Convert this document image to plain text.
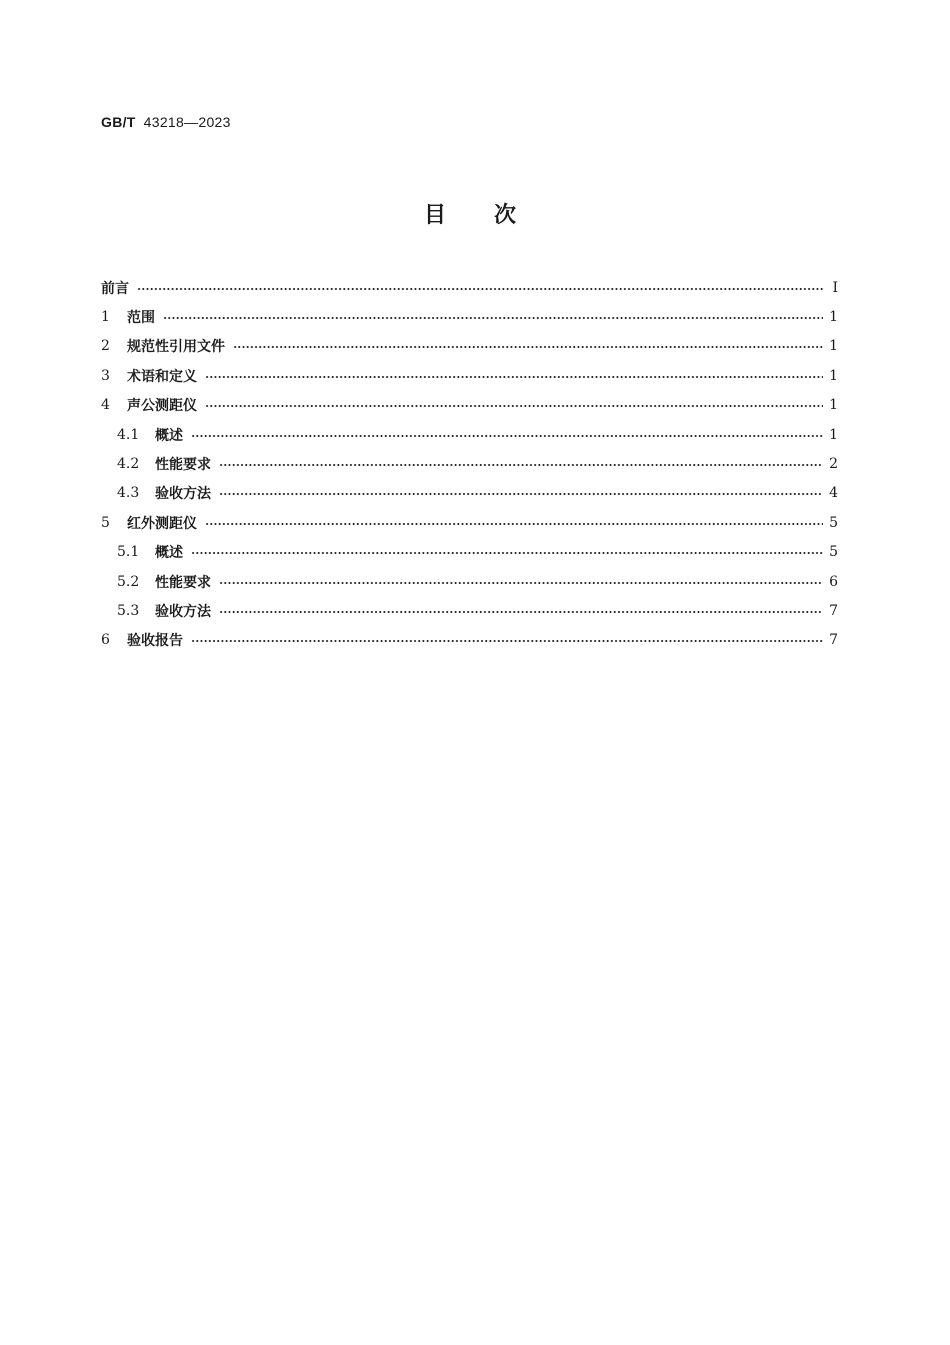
GB/T 43218—2023
目次
前言	Ⅰ
1 范围	1
2 规范性引用文件	1
3 术语和定义	1
4 声公测距仪	1
4.1 概述	1
4.2 性能要求	2
4.3 验收方法	4
5 红外测距仪	5
5.1 概述	5
5.2 性能要求	6
5.3 验收方法	7
6 验收报告	7
